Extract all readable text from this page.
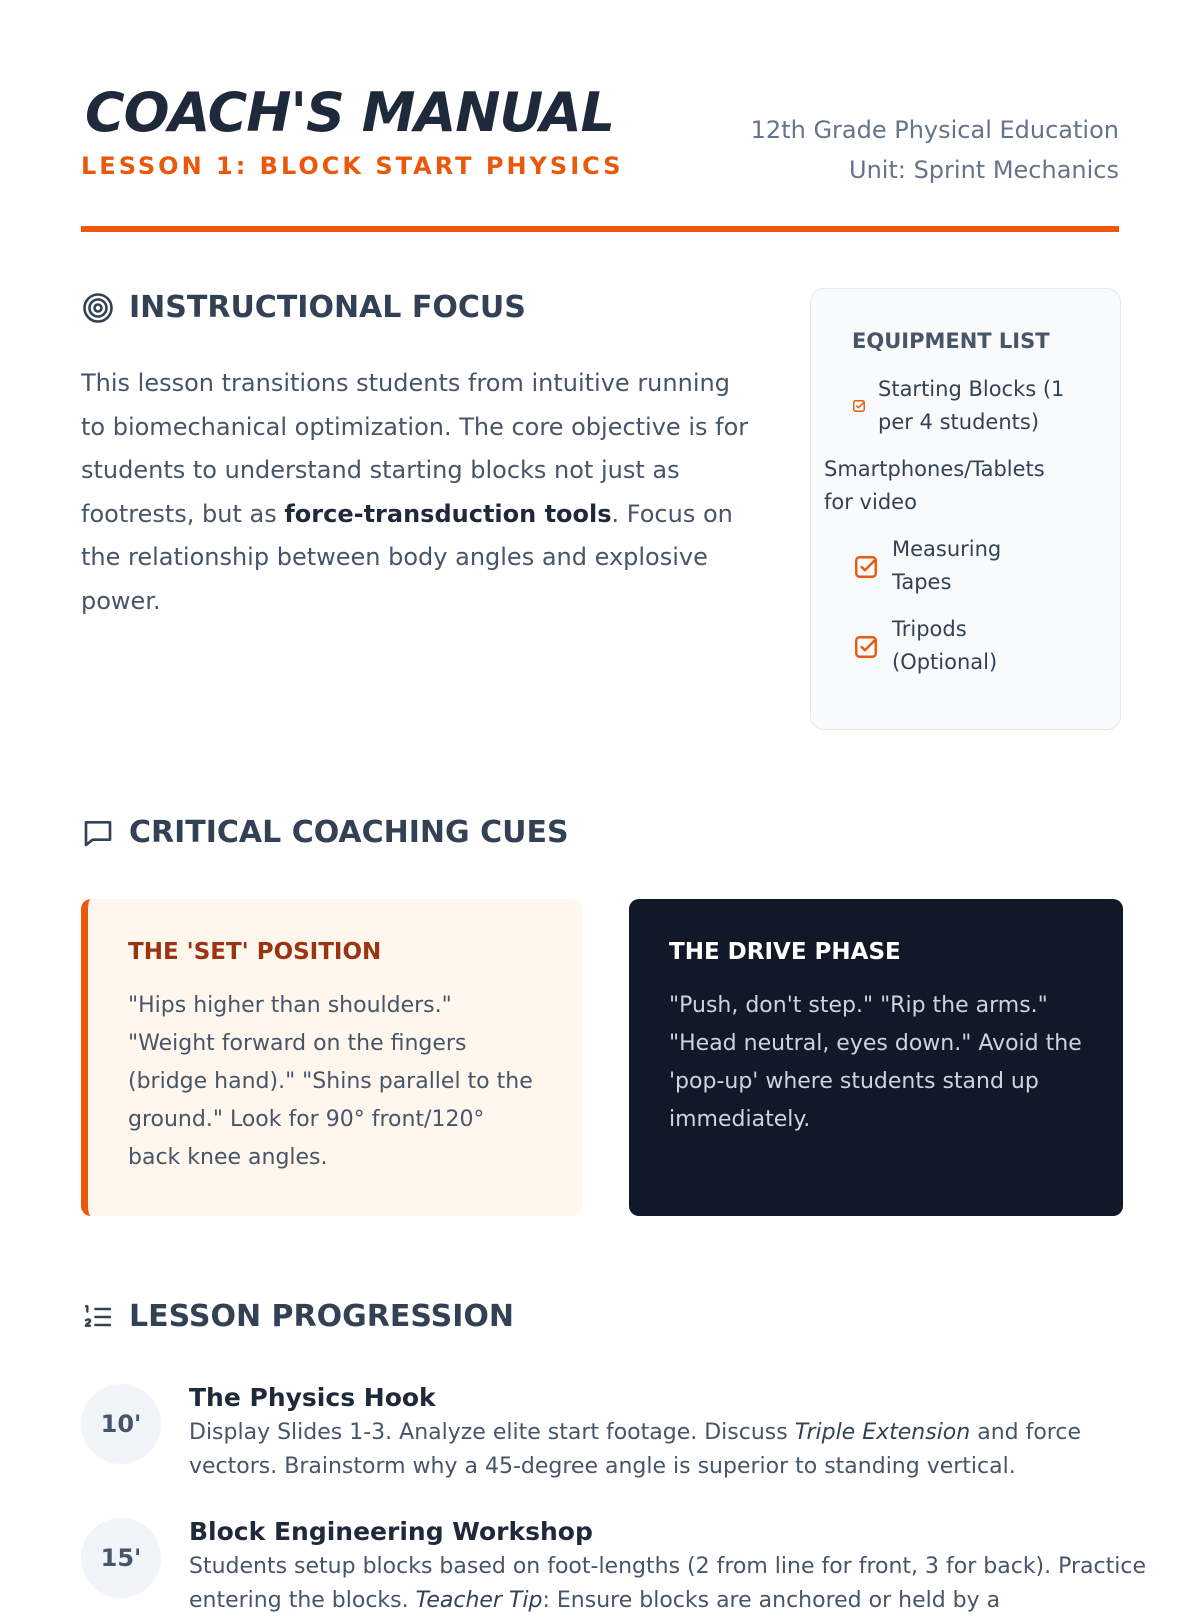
COACH'S MANUAL
LESSON 1: BLOCK START PHYSICS
12th Grade Physical Education
Unit: Sprint Mechanics
INSTRUCTIONAL FOCUS
This lesson transitions students from intuitive running to biomechanical optimization. The core objective is for students to understand starting blocks not just as footrests, but as force-transduction tools. Focus on the relationship between body angles and explosive power.
EQUIPMENT LIST
Starting Blocks (1 per 4 students)
Smartphones/Tablets for video
Measuring Tapes
Tripods (Optional)
CRITICAL COACHING CUES
THE 'SET' POSITION
"Hips higher than shoulders." "Weight forward on the fingers (bridge hand)." "Shins parallel to the ground." Look for 90° front/120° back knee angles.
THE DRIVE PHASE
"Push, don't step." "Rip the arms." "Head neutral, eyes down." Avoid the 'pop-up' where students stand up immediately.
LESSON PROGRESSION
10'
The Physics Hook
Display Slides 1-3. Analyze elite start footage. Discuss Triple Extension and force vectors. Brainstorm why a 45-degree angle is superior to standing vertical.
15'
Block Engineering Workshop
Students setup blocks based on foot-lengths (2 from line for front, 3 for back). Practice entering the blocks. Teacher Tip: Ensure blocks are anchored or held by a
